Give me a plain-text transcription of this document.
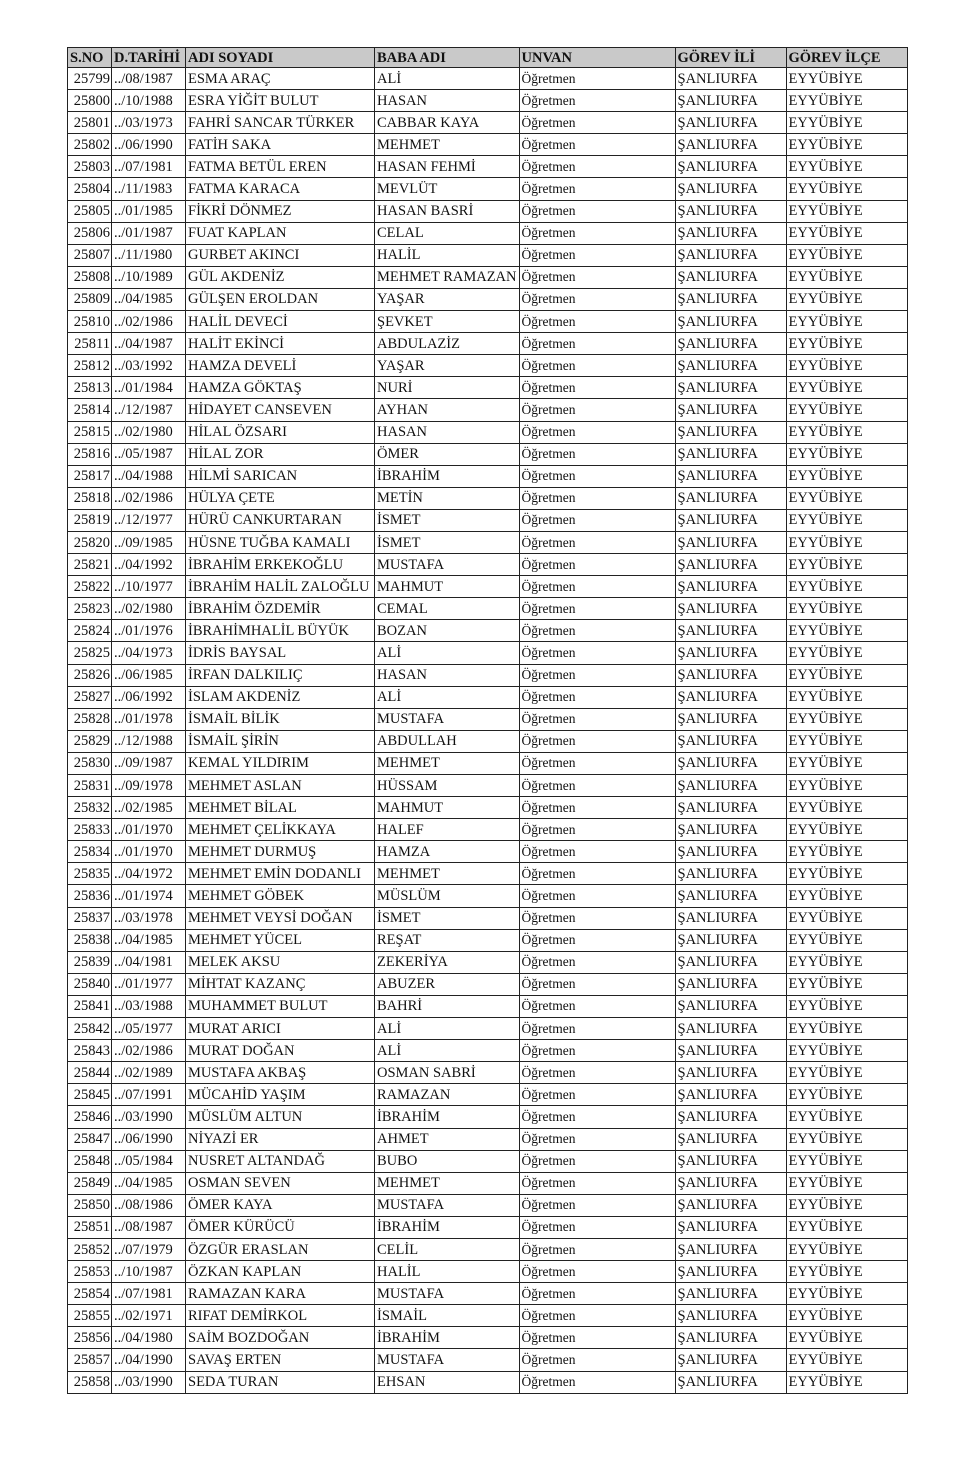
S.NO	D.TARİHİ	ADI SOYADI	BABA ADI	UNVAN	GÖREV İLİ	GÖREV İLÇE
25799	../08/1987	ESMA ARAÇ	ALİ	Öğretmen	ŞANLIURFA	EYYÜBİYE
25800	../10/1988	ESRA YİĞİT BULUT	HASAN	Öğretmen	ŞANLIURFA	EYYÜBİYE
25801	../03/1973	FAHRİ SANCAR TÜRKER	CABBAR KAYA	Öğretmen	ŞANLIURFA	EYYÜBİYE
25802	../06/1990	FATİH SAKA	MEHMET	Öğretmen	ŞANLIURFA	EYYÜBİYE
25803	../07/1981	FATMA BETÜL EREN	HASAN FEHMİ	Öğretmen	ŞANLIURFA	EYYÜBİYE
25804	../11/1983	FATMA KARACA	MEVLÜT	Öğretmen	ŞANLIURFA	EYYÜBİYE
25805	../01/1985	FİKRİ DÖNMEZ	HASAN BASRİ	Öğretmen	ŞANLIURFA	EYYÜBİYE
25806	../01/1987	FUAT KAPLAN	CELAL	Öğretmen	ŞANLIURFA	EYYÜBİYE
25807	../11/1980	GURBET AKINCI	HALİL	Öğretmen	ŞANLIURFA	EYYÜBİYE
25808	../10/1989	GÜL AKDENİZ	MEHMET RAMAZAN	Öğretmen	ŞANLIURFA	EYYÜBİYE
25809	../04/1985	GÜLŞEN EROLDAN	YAŞAR	Öğretmen	ŞANLIURFA	EYYÜBİYE
25810	../02/1986	HALİL DEVECİ	ŞEVKET	Öğretmen	ŞANLIURFA	EYYÜBİYE
25811	../04/1987	HALİT EKİNCİ	ABDULAZİZ	Öğretmen	ŞANLIURFA	EYYÜBİYE
25812	../03/1992	HAMZA DEVELİ	YAŞAR	Öğretmen	ŞANLIURFA	EYYÜBİYE
25813	../01/1984	HAMZA GÖKTAŞ	NURİ	Öğretmen	ŞANLIURFA	EYYÜBİYE
25814	../12/1987	HİDAYET CANSEVEN	AYHAN	Öğretmen	ŞANLIURFA	EYYÜBİYE
25815	../02/1980	HİLAL ÖZSARI	HASAN	Öğretmen	ŞANLIURFA	EYYÜBİYE
25816	../05/1987	HİLAL ZOR	ÖMER	Öğretmen	ŞANLIURFA	EYYÜBİYE
25817	../04/1988	HİLMİ SARICAN	İBRAHİM	Öğretmen	ŞANLIURFA	EYYÜBİYE
25818	../02/1986	HÜLYA ÇETE	METİN	Öğretmen	ŞANLIURFA	EYYÜBİYE
25819	../12/1977	HÜRÜ CANKURTARAN	İSMET	Öğretmen	ŞANLIURFA	EYYÜBİYE
25820	../09/1985	HÜSNE TUĞBA KAMALI	İSMET	Öğretmen	ŞANLIURFA	EYYÜBİYE
25821	../04/1992	İBRAHİM ERKEKOĞLU	MUSTAFA	Öğretmen	ŞANLIURFA	EYYÜBİYE
25822	../10/1977	İBRAHİM HALİL ZALOĞLU	MAHMUT	Öğretmen	ŞANLIURFA	EYYÜBİYE
25823	../02/1980	İBRAHİM ÖZDEMİR	CEMAL	Öğretmen	ŞANLIURFA	EYYÜBİYE
25824	../01/1976	İBRAHİMHALİL BÜYÜK	BOZAN	Öğretmen	ŞANLIURFA	EYYÜBİYE
25825	../04/1973	İDRİS BAYSAL	ALİ	Öğretmen	ŞANLIURFA	EYYÜBİYE
25826	../06/1985	İRFAN DALKILIÇ	HASAN	Öğretmen	ŞANLIURFA	EYYÜBİYE
25827	../06/1992	İSLAM AKDENİZ	ALİ	Öğretmen	ŞANLIURFA	EYYÜBİYE
25828	../01/1978	İSMAİL BİLİK	MUSTAFA	Öğretmen	ŞANLIURFA	EYYÜBİYE
25829	../12/1988	İSMAİL ŞİRİN	ABDULLAH	Öğretmen	ŞANLIURFA	EYYÜBİYE
25830	../09/1987	KEMAL YILDIRIM	MEHMET	Öğretmen	ŞANLIURFA	EYYÜBİYE
25831	../09/1978	MEHMET ASLAN	HÜSSAM	Öğretmen	ŞANLIURFA	EYYÜBİYE
25832	../02/1985	MEHMET BİLAL	MAHMUT	Öğretmen	ŞANLIURFA	EYYÜBİYE
25833	../01/1970	MEHMET ÇELİKKAYA	HALEF	Öğretmen	ŞANLIURFA	EYYÜBİYE
25834	../01/1970	MEHMET DURMUŞ	HAMZA	Öğretmen	ŞANLIURFA	EYYÜBİYE
25835	../04/1972	MEHMET EMİN DODANLI	MEHMET	Öğretmen	ŞANLIURFA	EYYÜBİYE
25836	../01/1974	MEHMET GÖBEK	MÜSLÜM	Öğretmen	ŞANLIURFA	EYYÜBİYE
25837	../03/1978	MEHMET VEYSİ DOĞAN	İSMET	Öğretmen	ŞANLIURFA	EYYÜBİYE
25838	../04/1985	MEHMET YÜCEL	REŞAT	Öğretmen	ŞANLIURFA	EYYÜBİYE
25839	../04/1981	MELEK AKSU	ZEKERİYA	Öğretmen	ŞANLIURFA	EYYÜBİYE
25840	../01/1977	MİHTAT KAZANÇ	ABUZER	Öğretmen	ŞANLIURFA	EYYÜBİYE
25841	../03/1988	MUHAMMET BULUT	BAHRİ	Öğretmen	ŞANLIURFA	EYYÜBİYE
25842	../05/1977	MURAT ARICI	ALİ	Öğretmen	ŞANLIURFA	EYYÜBİYE
25843	../02/1986	MURAT DOĞAN	ALİ	Öğretmen	ŞANLIURFA	EYYÜBİYE
25844	../02/1989	MUSTAFA AKBAŞ	OSMAN SABRİ	Öğretmen	ŞANLIURFA	EYYÜBİYE
25845	../07/1991	MÜCAHİD YAŞIM	RAMAZAN	Öğretmen	ŞANLIURFA	EYYÜBİYE
25846	../03/1990	MÜSLÜM ALTUN	İBRAHİM	Öğretmen	ŞANLIURFA	EYYÜBİYE
25847	../06/1990	NİYAZİ ER	AHMET	Öğretmen	ŞANLIURFA	EYYÜBİYE
25848	../05/1984	NUSRET ALTANDAĞ	BUBO	Öğretmen	ŞANLIURFA	EYYÜBİYE
25849	../04/1985	OSMAN SEVEN	MEHMET	Öğretmen	ŞANLIURFA	EYYÜBİYE
25850	../08/1986	ÖMER KAYA	MUSTAFA	Öğretmen	ŞANLIURFA	EYYÜBİYE
25851	../08/1987	ÖMER KÜRÜCÜ	İBRAHİM	Öğretmen	ŞANLIURFA	EYYÜBİYE
25852	../07/1979	ÖZGÜR ERASLAN	CELİL	Öğretmen	ŞANLIURFA	EYYÜBİYE
25853	../10/1987	ÖZKAN KAPLAN	HALİL	Öğretmen	ŞANLIURFA	EYYÜBİYE
25854	../07/1981	RAMAZAN KARA	MUSTAFA	Öğretmen	ŞANLIURFA	EYYÜBİYE
25855	../02/1971	RIFAT DEMİRKOL	İSMAİL	Öğretmen	ŞANLIURFA	EYYÜBİYE
25856	../04/1980	SAİM BOZDOĞAN	İBRAHİM	Öğretmen	ŞANLIURFA	EYYÜBİYE
25857	../04/1990	SAVAŞ ERTEN	MUSTAFA	Öğretmen	ŞANLIURFA	EYYÜBİYE
25858	../03/1990	SEDA TURAN	EHSAN	Öğretmen	ŞANLIURFA	EYYÜBİYE
